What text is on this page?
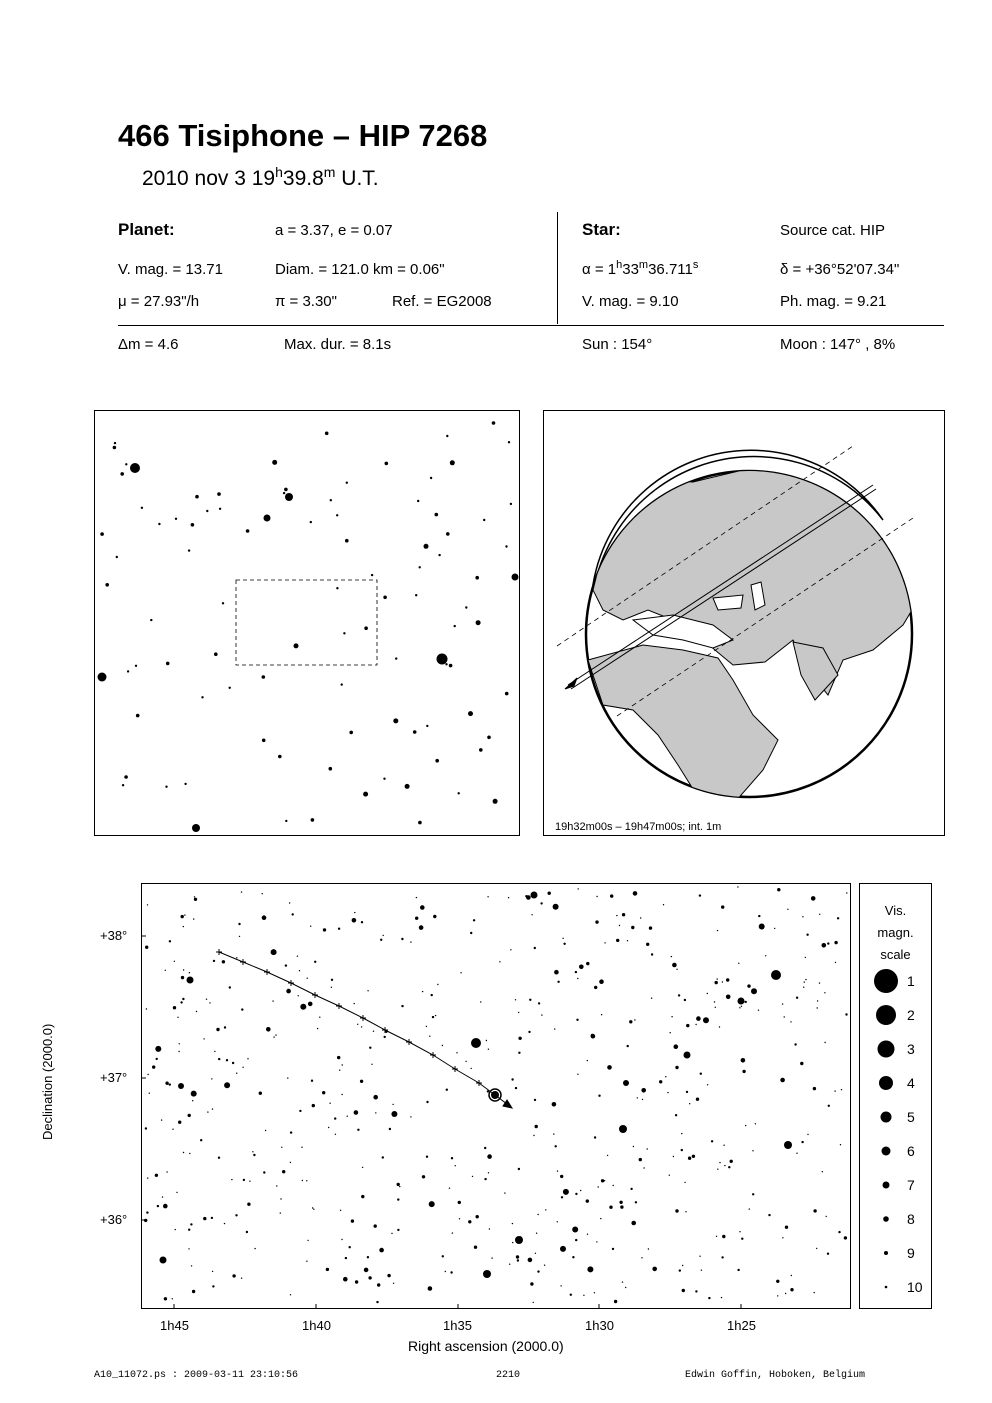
466 Tisiphone – HIP 7268
2010 nov 3 19$^h$39.8$^m$ U.T.
Planet:	a = 3.37, e = 0.07
V. mag. = 13.71	Diam. = 121.0 km = 0.06"
μ = 27.93"/h	π = 3.30"	Ref. = EG2008
Star:	Source cat. HIP
$\alpha = 1^h33^m36.711^s$	δ = +36°52'07.34"
V. mag. = 9.10	Ph. mag. = 9.21
Δm = 4.6	Max. dur. = 8.1s	Sun : 154°	Moon : 147° , 8%
19h32m00s – 19h47m00s; int. 1m
Declination (2000.0)
Right ascension (2000.0)
+38°
+37°
+36°
1h45	1h40	1h35	1h30	1h25
Vis.
magn.
scale
1
2
3
4
5
6
7
8
9
10
A10_11072.ps : 2009-03-11 23:10:56	2210	Edwin Goffin, Hoboken, Belgium
